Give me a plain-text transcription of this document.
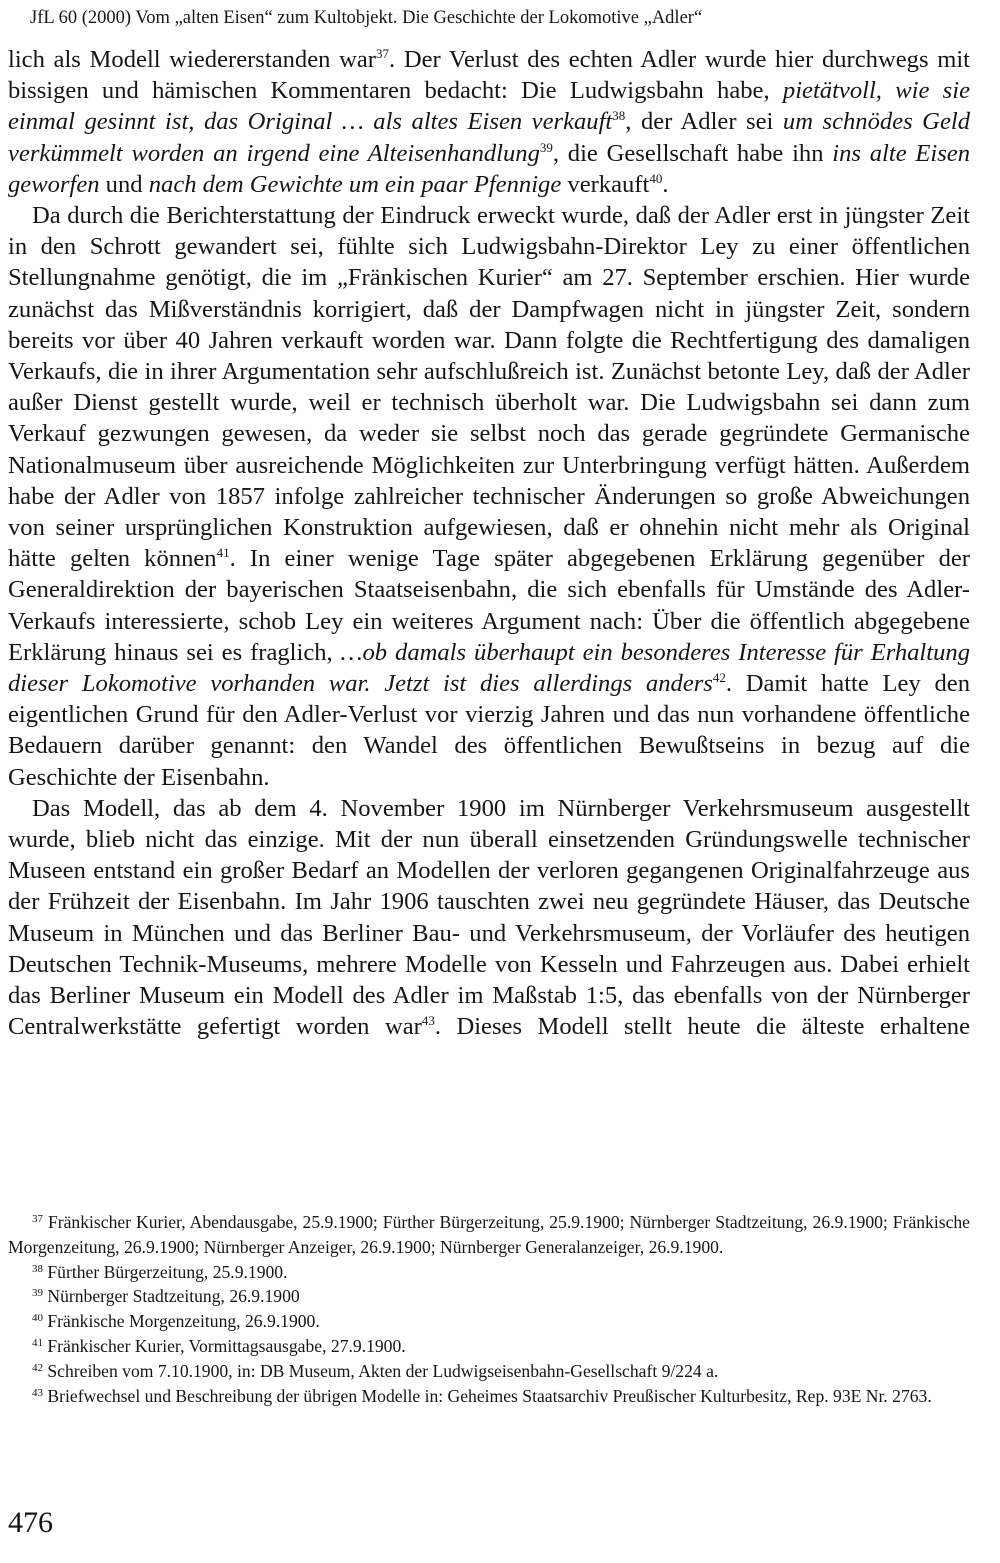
JfL 60 (2000) Vom „alten Eisen“ zum Kultobjekt. Die Geschichte der Lokomotive „Adler“

lich als Modell wiedererstanden war$^{37}$. Der Verlust des echten Adler wurde hier durchwegs mit bissigen und hämischen Kommentaren bedacht: Die Ludwigsbahn habe, pietätvoll, wie sie einmal gesinnt ist, das Original … als altes Eisen verkauft$^{38}$, der Adler sei um schnödes Geld verkümmelt worden an irgend eine Alteisenhandlung$^{39}$, die Gesellschaft habe ihn ins alte Eisen geworfen und nach dem Gewichte um ein paar Pfennige verkauft$^{40}$.

Da durch die Berichterstattung der Eindruck erweckt wurde, daß der Adler erst in jüngster Zeit in den Schrott gewandert sei, fühlte sich Ludwigsbahn-Direktor Ley zu einer öffentlichen Stellungnahme genötigt, die im „Fränkischen Kurier“ am 27. September erschien. Hier wurde zunächst das Mißverständnis korrigiert, daß der Dampfwagen nicht in jüngster Zeit, sondern bereits vor über 40 Jahren verkauft worden war. Dann folgte die Rechtfertigung des damaligen Verkaufs, die in ihrer Argumentation sehr aufschlußreich ist. Zunächst betonte Ley, daß der Adler außer Dienst gestellt wurde, weil er technisch überholt war. Die Ludwigsbahn sei dann zum Verkauf gezwungen gewesen, da weder sie selbst noch das gerade gegründete Germanische Nationalmuseum über ausreichende Möglichkeiten zur Unterbringung verfügt hätten. Außerdem habe der Adler von 1857 infolge zahlreicher technischer Änderungen so große Abweichungen von seiner ursprünglichen Konstruktion aufgewiesen, daß er ohnehin nicht mehr als Original hätte gelten können$^{41}$. In einer wenige Tage später abgegebenen Erklärung gegenüber der Generaldirektion der bayerischen Staatseisenbahn, die sich ebenfalls für Umstände des Adler-Verkaufs interessierte, schob Ley ein weiteres Argument nach: Über die öffentlich abgegebene Erklärung hinaus sei es fraglich, …ob damals überhaupt ein besonderes Interesse für Erhaltung dieser Lokomotive vorhanden war. Jetzt ist dies allerdings anders$^{42}$. Damit hatte Ley den eigentlichen Grund für den Adler-Verlust vor vierzig Jahren und das nun vorhandene öffentliche Bedauern darüber genannt: den Wandel des öffentlichen Bewußtseins in bezug auf die Geschichte der Eisenbahn.

Das Modell, das ab dem 4. November 1900 im Nürnberger Verkehrsmuseum ausgestellt wurde, blieb nicht das einzige. Mit der nun überall einsetzenden Gründungswelle technischer Museen entstand ein großer Bedarf an Modellen der verloren gegangenen Originalfahrzeuge aus der Frühzeit der Eisenbahn. Im Jahr 1906 tauschten zwei neu gegründete Häuser, das Deutsche Museum in München und das Berliner Bau- und Verkehrsmuseum, der Vorläufer des heutigen Deutschen Technik-Museums, mehrere Modelle von Kesseln und Fahrzeugen aus. Dabei erhielt das Berliner Museum ein Modell des Adler im Maßstab 1:5, das ebenfalls von der Nürnberger Centralwerkstätte gefertigt worden war$^{43}$. Dieses Modell stellt heute die älteste erhaltene

$^{37}$ Fränkischer Kurier, Abendausgabe, 25.9.1900; Fürther Bürgerzeitung, 25.9.1900; Nürnberger Stadtzeitung, 26.9.1900; Fränkische Morgenzeitung, 26.9.1900; Nürnberger Anzeiger, 26.9.1900; Nürnberger Generalanzeiger, 26.9.1900.

$^{38}$ Fürther Bürgerzeitung, 25.9.1900.

$^{39}$ Nürnberger Stadtzeitung, 26.9.1900

$^{40}$ Fränkische Morgenzeitung, 26.9.1900.

$^{41}$ Fränkischer Kurier, Vormittagsausgabe, 27.9.1900.

$^{42}$ Schreiben vom 7.10.1900, in: DB Museum, Akten der Ludwigseisenbahn-Gesellschaft 9/224 a.

$^{43}$ Briefwechsel und Beschreibung der übrigen Modelle in: Geheimes Staatsarchiv Preußischer Kulturbesitz, Rep. 93E Nr. 2763.

476
